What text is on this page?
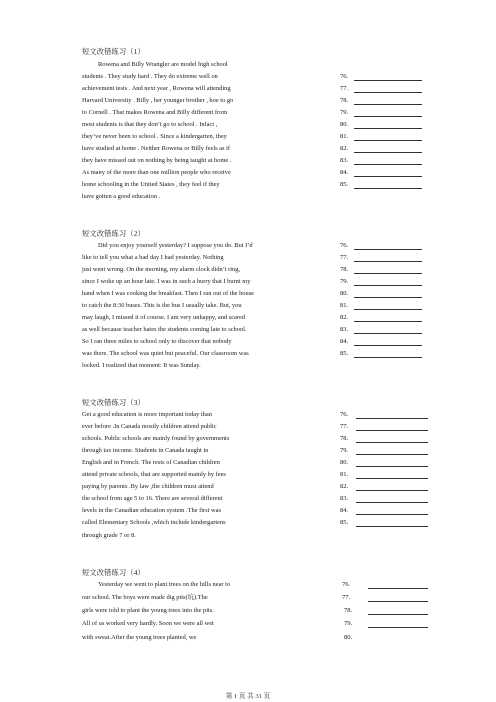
短文改错练习（1）
Rowena and Billy Wrangler are model high school
students . They study hard . They do extreme well on
achievement tests . And next year , Rowena will attending
Harvard University . Billy , her younger brother , hoe to go
to Cornell . That makes Rowena and Billy different from
most students is that they don’t go to school . Infact ,
they’ve never been to school . Since a kindergarten, they
have studied at home . Neither Rowena or Billy feels as if
they have missed out on nothing by being taught at home .
As many of the more than one million people who receive
home schooling in the United States , they feel if they
have gotten a good education .
76.
77.
78.
79.
80.
81.
82.
83.
84.
85.
短文改错练习（2）
Did you enjoy yourself yesterday? I suppose you do. But I’d
like to tell you what a bad day I had yesterday. Nothing
just went wrong. On the morning, my alarm clock didn’t ring,
since I woke up an hour late. I was in such a hurry that I burnt my
hand when I was cooking the breakfast. Then I ran out of the house
to catch the 8:30 buses. This is the bus I usually take. But, you
may laugh, I missed it of course. I am very unhappy, and scared
as well because teacher hates the students coming late to school.
So I ran three miles to school only to discover that nobody
was there. The school was quiet but peaceful. Our classroom was
locked. I realized that moment: It was Sunday.
76.
77.
78.
79.
80.
81.
82.
83.
84.
85.
短文改错练习（3）
Get a good education is more important today than
ever before .In Canada mostly children attend public
schools. Public schools are mainly found by governments
through tax income. Students in Canada taught in
English and in French. The rests of Canadian children
attend private schools, that are supported mainly by fees
paying by parents .By law ,the children must attend
the school from age 5 to 16. There are several different
levels in the Canadian education system .The first was
called Elementary Schools ,which include kindergartens
through grade 7 or 8.
76.
77.
78.
79.
80.
81.
82.
83.
84.
85.
短文改错练习（4）
Yesterday we went to plant trees on the hills near to
our school. The boys were made dig pits(坑).The
girls were told to plant the young trees into the pits.
All of us worked very hardly. Soon we were all wet
with sweat.After the young trees planted, we
76.
77.
78.
79.
80.
第 1 页 共 31 页
